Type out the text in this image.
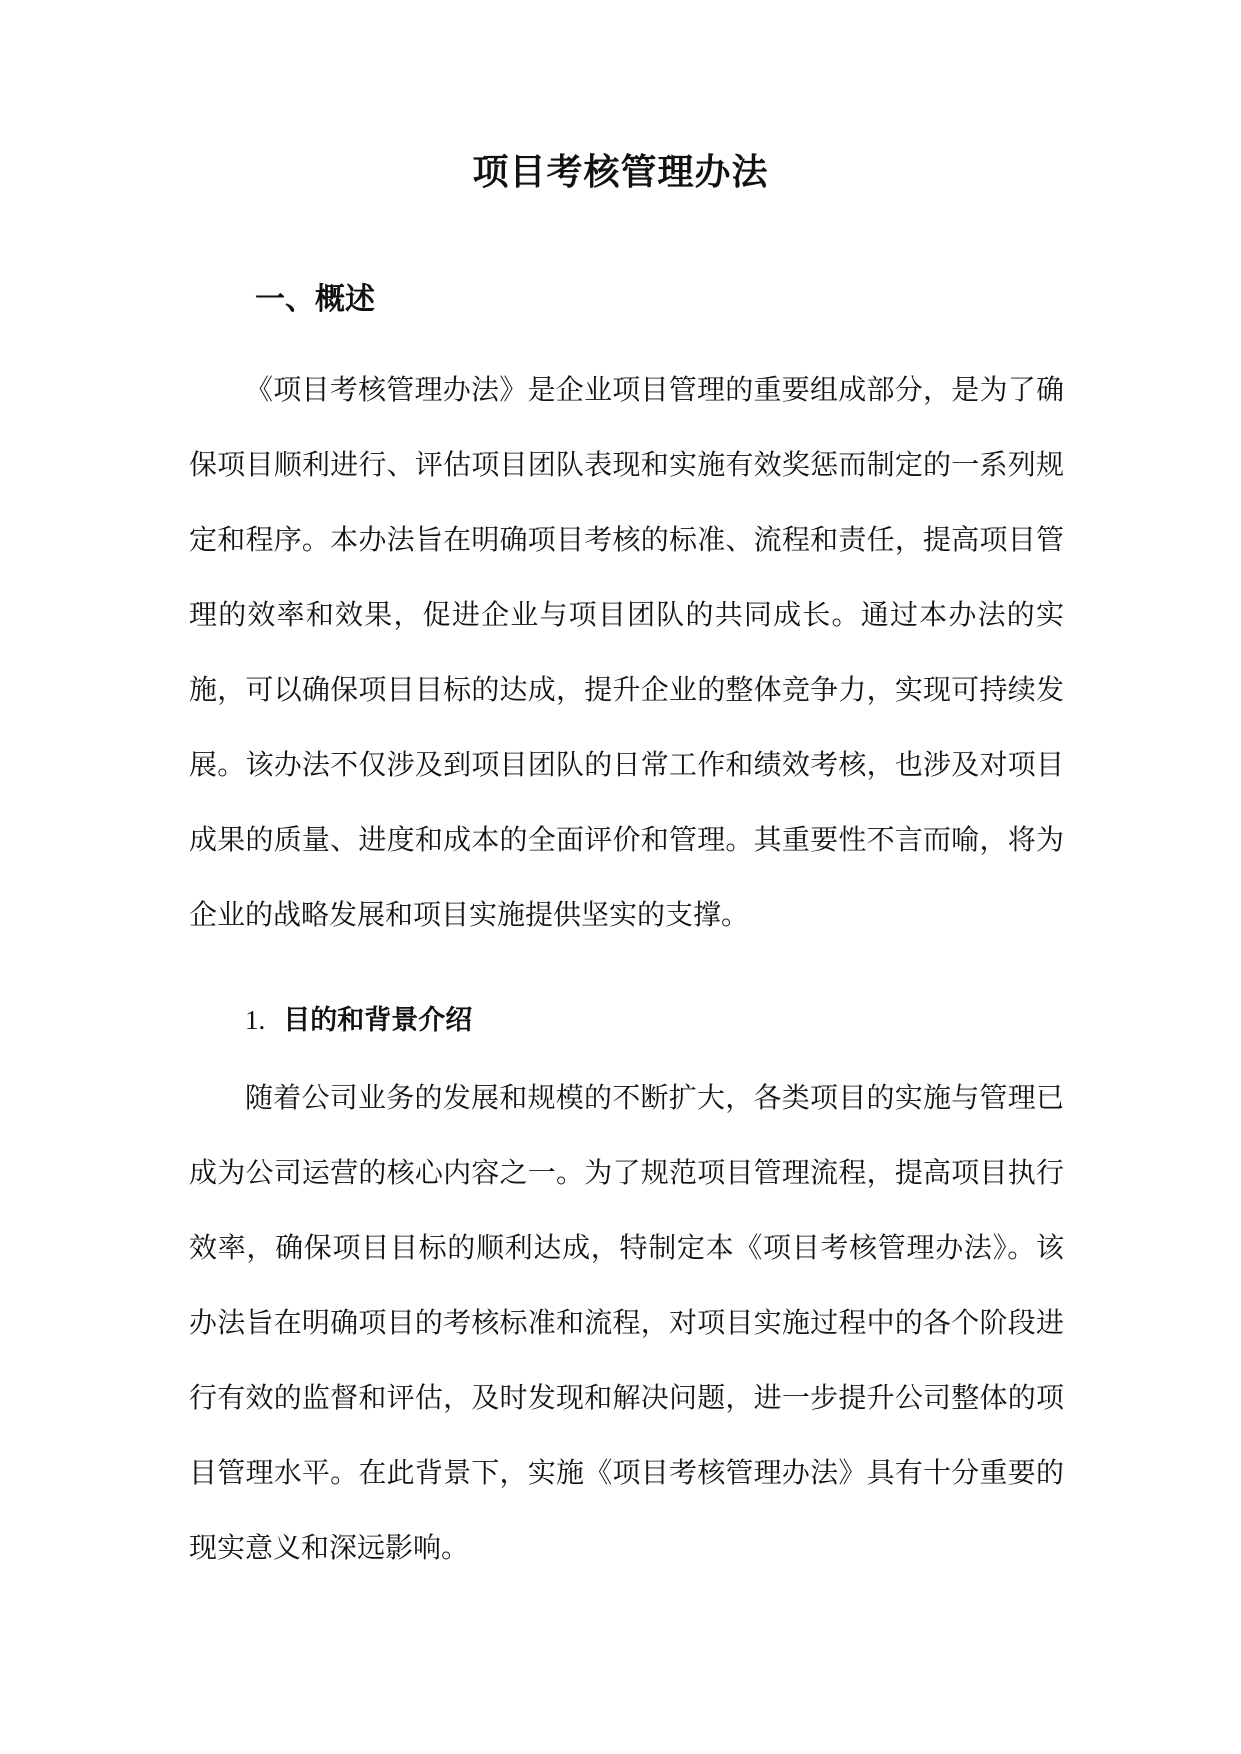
项目考核管理办法
一、概述

《项目考核管理办法》是企业项目管理的重要组成部分，是为了确保项目顺利进行、评估项目团队表现和实施有效奖惩而制定的一系列规定和程序。本办法旨在明确项目考核的标准、流程和责任，提高项目管理的效率和效果，促进企业与项目团队的共同成长。通过本办法的实施，可以确保项目目标的达成，提升企业的整体竞争力，实现可持续发展。该办法不仅涉及到项目团队的日常工作和绩效考核，也涉及对项目成果的质量、进度和成本的全面评价和管理。其重要性不言而喻，将为企业的战略发展和项目实施提供坚实的支撑。

1. 目的和背景介绍

随着公司业务的发展和规模的不断扩大，各类项目的实施与管理已成为公司运营的核心内容之一。为了规范项目管理流程，提高项目执行效率，确保项目目标的顺利达成，特制定本《项目考核管理办法》。该办法旨在明确项目的考核标准和流程，对项目实施过程中的各个阶段进行有效的监督和评估，及时发现和解决问题，进一步提升公司整体的项目管理水平。在此背景下，实施《项目考核管理办法》具有十分重要的现实意义和深远影响。
